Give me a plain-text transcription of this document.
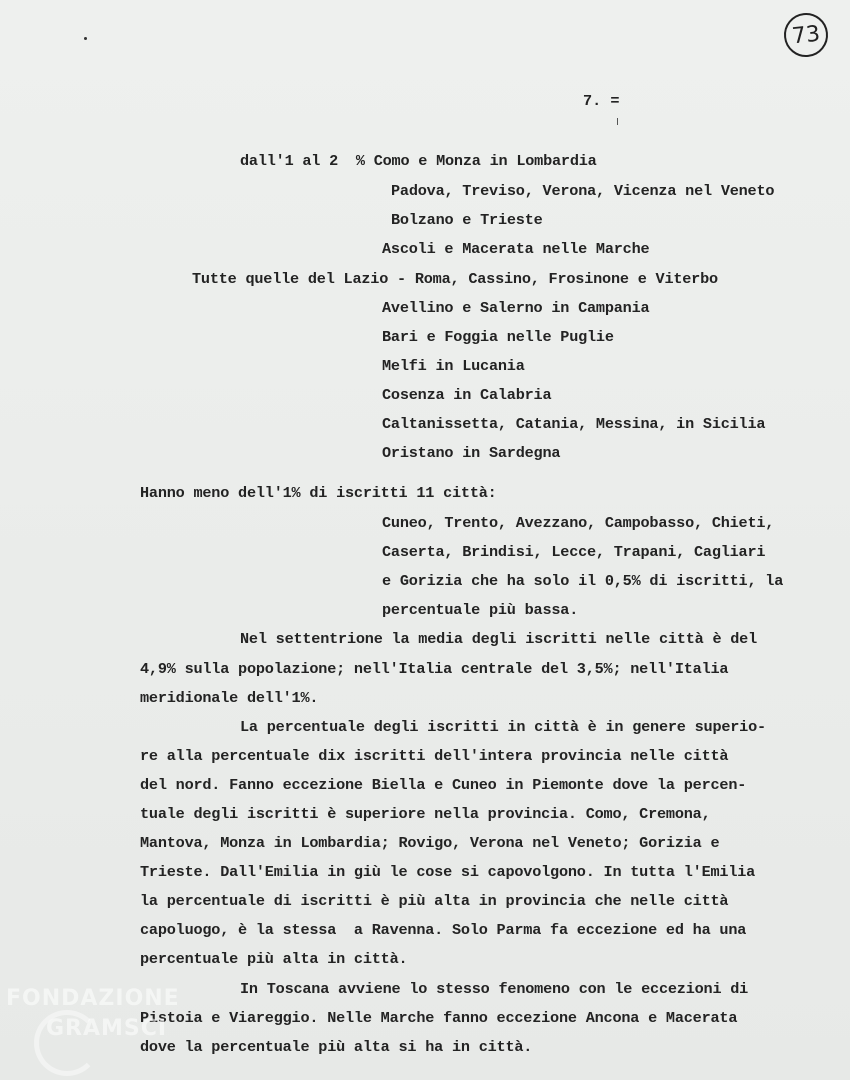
73
7. =
dall'1 al 2  % Como e Monza in Lombardia
Padova, Treviso, Verona, Vicenza nel Veneto
Bolzano e Trieste
Ascoli e Macerata nelle Marche
Tutte quelle del Lazio - Roma, Cassino, Frosinone e Viterbo
Avellino e Salerno in Campania
Bari e Foggia nelle Puglie
Melfi in Lucania
Cosenza in Calabria
Caltanissetta, Catania, Messina, in Sicilia
Oristano in Sardegna
Hanno meno dell'1% di iscritti 11 città:
Cuneo, Trento, Avezzano, Campobasso, Chieti,
Caserta, Brindisi, Lecce, Trapani, Cagliari
e Gorizia che ha solo il 0,5% di iscritti, la
percentuale più bassa.
Nel settentrione la media degli iscritti nelle città è del
4,9% sulla popolazione; nell'Italia centrale del 3,5%; nell'Italia
meridionale dell'1%.
La percentuale degli iscritti in città è in genere superio-
re alla percentuale dix iscritti dell'intera provincia nelle città
del nord. Fanno eccezione Biella e Cuneo in Piemonte dove la percen-
tuale degli iscritti è superiore nella provincia. Como, Cremona,
Mantova, Monza in Lombardia; Rovigo, Verona nel Veneto; Gorizia e
Trieste. Dall'Emilia in giù le cose si capovolgono. In tutta l'Emilia
la percentuale di iscritti è più alta in provincia che nelle città
capoluogo, è la stessa  a Ravenna. Solo Parma fa eccezione ed ha una
percentuale più alta in città.
In Toscana avviene lo stesso fenomeno con le eccezioni di
Pistoia e Viareggio. Nelle Marche fanno eccezione Ancona e Macerata
dove la percentuale più alta si ha in città.
FONDAZIONE
GRAMSCI
